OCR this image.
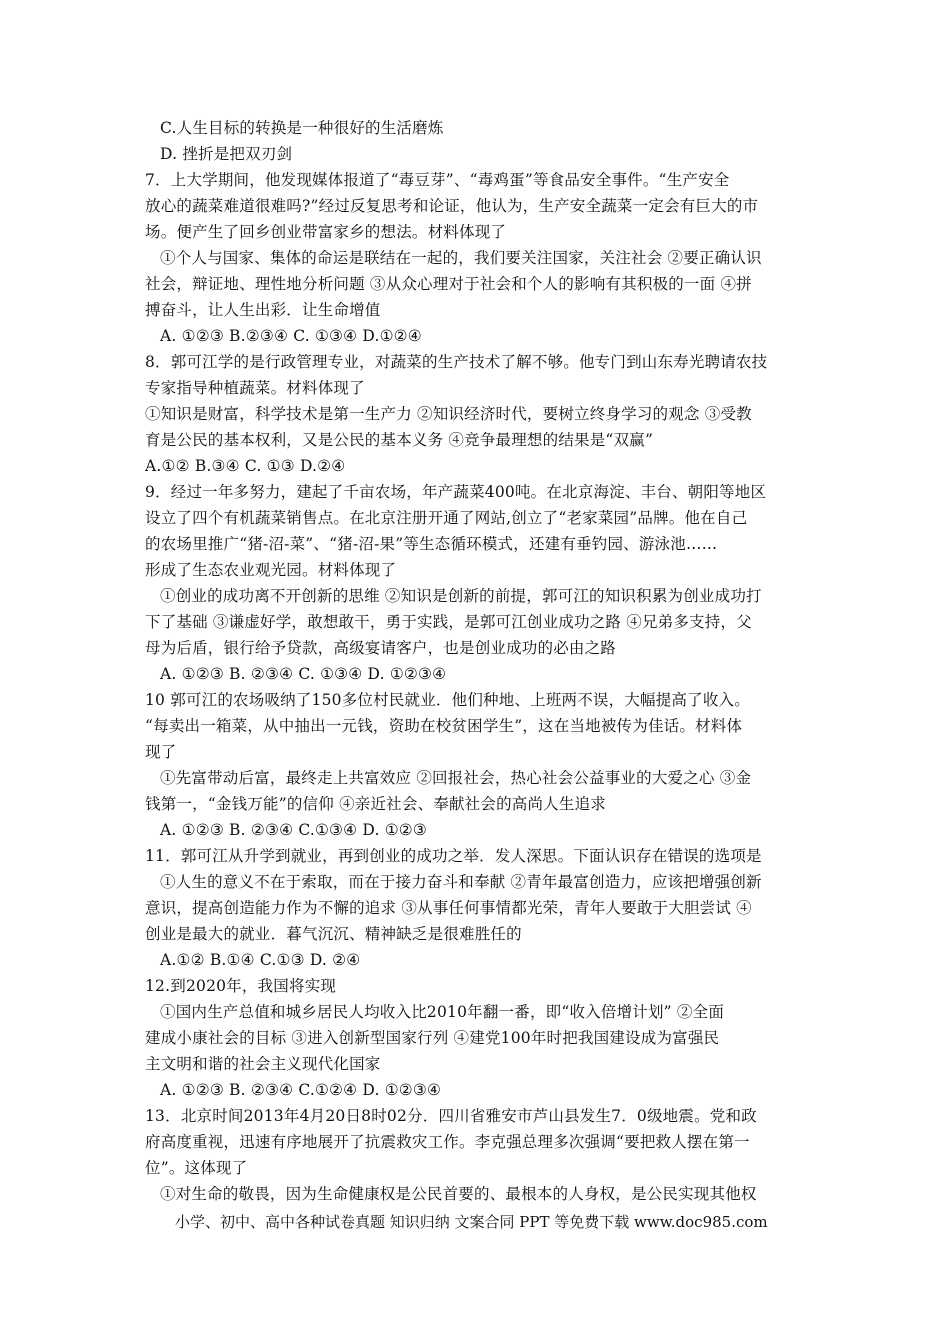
C.人生目标的转换是一种很好的生活磨炼
D. 挫折是把双刃剑
7．上大学期间，他发现媒体报道了“毒豆芽”、“毒鸡蛋”等食品安全事件。“生产安全
放心的蔬菜难道很难吗?”经过反复思考和论证，他认为，生产安全蔬菜一定会有巨大的市
场。便产生了回乡创业带富家乡的想法。材料体现了
①个人与国家、集体的命运是联结在一起的，我们要关注国家，关注社会 ②要正确认识
社会，辩证地、理性地分析问题 ③从众心理对于社会和个人的影响有其积极的一面 ④拼
搏奋斗，让人生出彩．让生命增值
A. ①②③ B.②③④ C. ①③④ D.①②④
8．郭可江学的是行政管理专业，对蔬菜的生产技术了解不够。他专门到山东寿光聘请农技
专家指导种植蔬菜。材料体现了
①知识是财富，科学技术是第一生产力 ②知识经济时代，要树立终身学习的观念 ③受教
育是公民的基本权利，又是公民的基本义务 ④竞争最理想的结果是“双赢”
A.①② B.③④ C. ①③ D.②④
9．经过一年多努力，建起了千亩农场，年产蔬菜400吨。在北京海淀、丰台、朝阳等地区
设立了四个有机蔬菜销售点。在北京注册开通了网站,创立了“老家菜园”品牌。他在自己
的农场里推广“猪-沼-菜”、“猪-沼-果”等生态循环模式，还建有垂钓园、游泳池……
形成了生态农业观光园。材料体现了
①创业的成功离不开创新的思维 ②知识是创新的前提，郭可江的知识积累为创业成功打
下了基础 ③谦虚好学，敢想敢干，勇于实践，是郭可江创业成功之路 ④兄弟多支持，父
母为后盾，银行给予贷款，高级宴请客户，也是创业成功的必由之路
A. ①②③ B. ②③④ C. ①③④ D. ①②③④
10 郭可江的农场吸纳了150多位村民就业．他们种地、上班两不误，大幅提高了收入。
“每卖出一箱菜，从中抽出一元钱，资助在校贫困学生”，这在当地被传为佳话。材料体
现了
①先富带动后富，最终走上共富效应 ②回报社会，热心社会公益事业的大爱之心 ③金
钱第一，“金钱万能”的信仰 ④亲近社会、奉献社会的高尚人生追求
A. ①②③ B. ②③④ C.①③④ D. ①②③
11．郭可江从升学到就业，再到创业的成功之举．发人深思。下面认识存在错误的选项是
①人生的意义不在于索取，而在于接力奋斗和奉献 ②青年最富创造力，应该把增强创新
意识，提高创造能力作为不懈的追求 ③从事任何事情都光荣，青年人要敢于大胆尝试 ④
创业是最大的就业．暮气沉沉、精神缺乏是很难胜任的
A.①② B.①④ C.①③ D. ②④
12.到2020年，我国将实现
①国内生产总值和城乡居民人均收入比2010年翻一番，即“收入倍增计划” ②全面
建成小康社会的目标 ③进入创新型国家行列 ④建党100年时把我国建设成为富强民
主文明和谐的社会主义现代化国家
A. ①②③ B. ②③④ C.①②④ D. ①②③④
13．北京时间2013年4月20日8时02分．四川省雅安市芦山县发生7．0级地震。党和政
府高度重视，迅速有序地展开了抗震救灾工作。李克强总理多次强调“要把救人摆在第一
位”。这体现了
①对生命的敬畏，因为生命健康权是公民首要的、最根本的人身权，是公民实现其他权
小学、初中、高中各种试卷真题 知识归纳 文案合同 PPT 等免费下载 www.doc985.com
